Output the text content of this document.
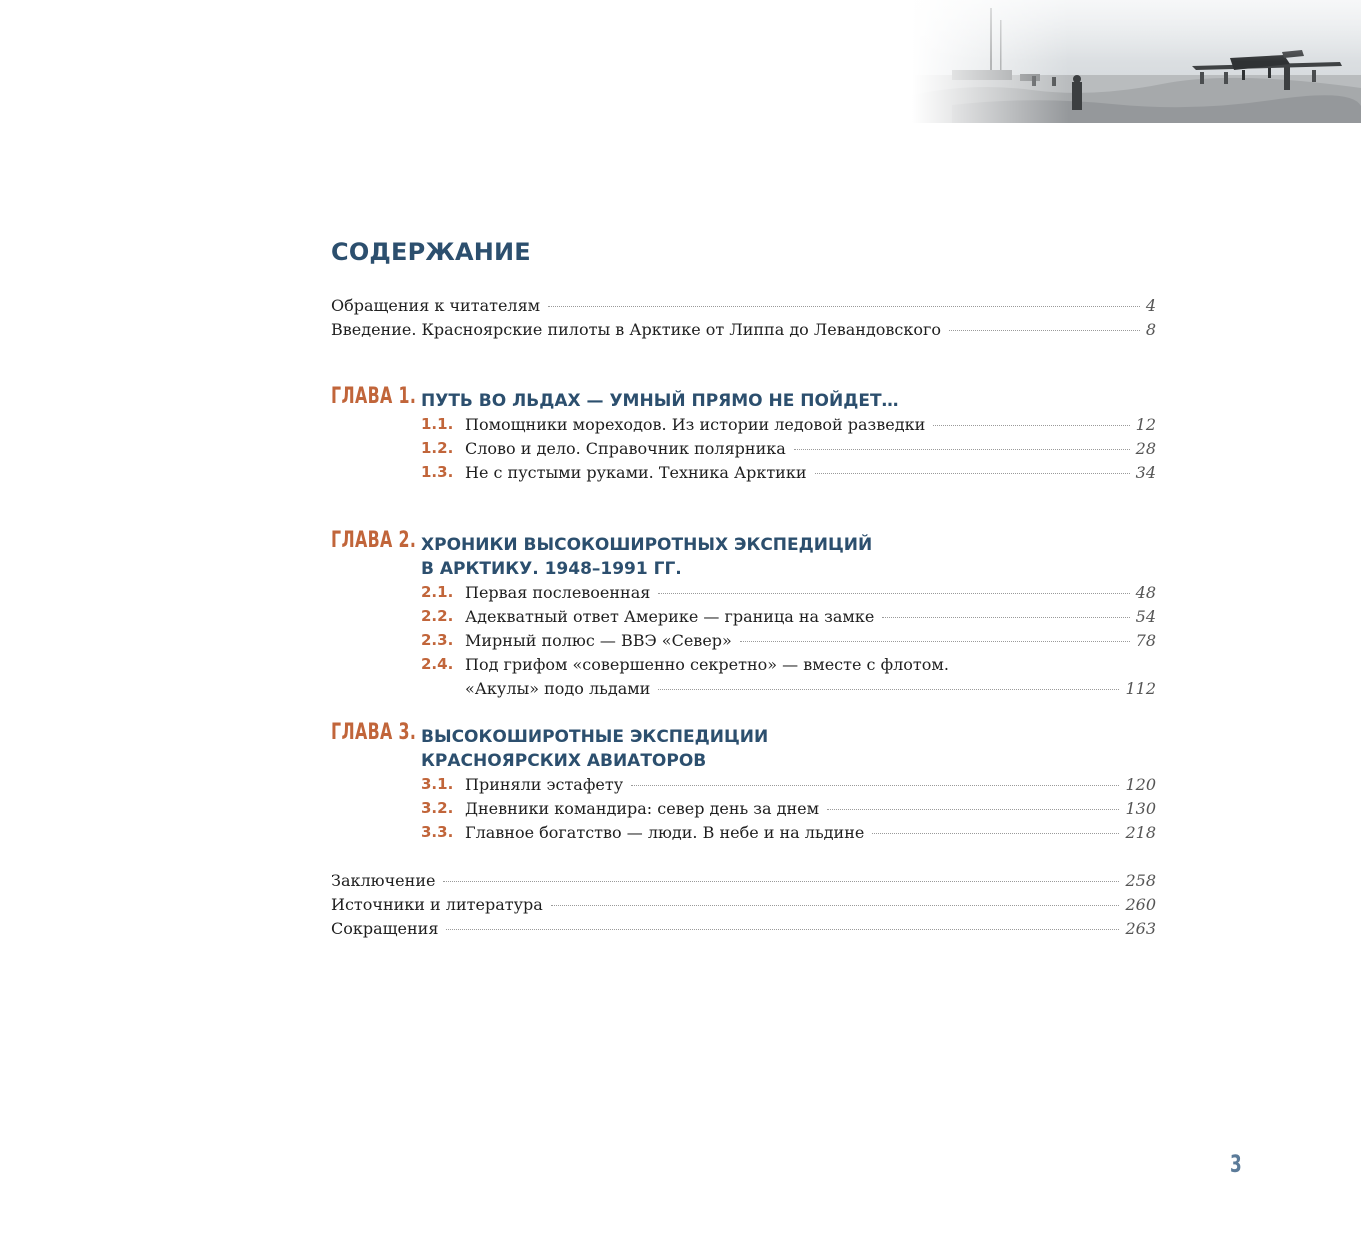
СОДЕРЖАНИЕ
Обращения к читателям	4
Введение. Красноярские пилоты в Арктике от Липпа до Левандовского	8
ГЛАВА 1. ПУТЬ ВО ЛЬДАХ — УМНЫЙ ПРЯМО НЕ ПОЙДЕТ…
1.1. Помощники мореходов. Из истории ледовой разведки	12
1.2. Слово и дело. Справочник полярника	28
1.3. Не с пустыми руками. Техника Арктики	34
ГЛАВА 2. ХРОНИКИ ВЫСОКОШИРОТНЫХ ЭКСПЕДИЦИЙ
В АРКТИКУ. 1948–1991 ГГ.
2.1. Первая послевоенная	48
2.2. Адекватный ответ Америке — граница на замке	54
2.3. Мирный полюс — ВВЭ «Север»	78
2.4. Под грифом «совершенно секретно» — вместе с флотом.
«Акулы» подо льдами	112
ГЛАВА 3. ВЫСОКОШИРОТНЫЕ ЭКСПЕДИЦИИ
КРАСНОЯРСКИХ АВИАТОРОВ
3.1. Приняли эстафету	120
3.2. Дневники командира: север день за днем	130
3.3. Главное богатство — люди. В небе и на льдине	218
Заключение	258
Источники и литература	260
Сокращения	263
3
